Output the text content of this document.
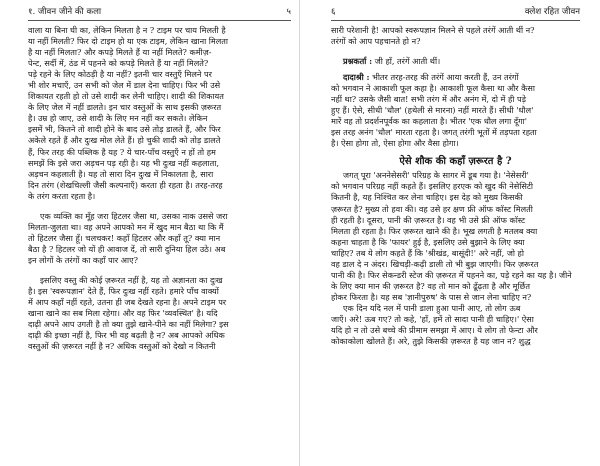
१. जीवन जीने की कला	५
वाला या बिना घी का, लेकिन मिलता है न ? टाइम पर चाय मिलती है
या नहीं मिलती? फिर दो टाइम हो या एक टाइम, लेकिन खाना मिलता
है या नहीं मिलता? और कपड़े मिलते हैं या नहीं मिलते? कमीज़-
पेन्ट, सर्दी में, ठंड में पहनने को कपड़े मिलते हैं या नहीं मिलते?
पड़े रहने के लिए कोठड़ी है या नहीं? इतनी चार वस्तुएँ मिलने पर
भी शोर मचाएँ, उन सभी को जेल में डाल देना चाहिए। फिर भी उसे
शिकायत रहती हो तो उसे शादी कर लेनी चाहिए। शादी की शिकायत
के लिए जेल में नहीं डालते। इन चार वस्तुओं के साथ इसकी ज़रूरत
है। उम्र हो जाए, उसे शादी के लिए मन नहीं कर सकते। लेकिन
इसमें भी, कितने तो शादी होने के बाद उसे तोड़ डालते हैं, और फिर
अकेले रहते हैं और दुःख मोल लेते हैं। हो चुकी शादी को तोड़ डालते
हैं, फिर तरह की पब्लिक है यह ? ये चार-पाँच वस्तुएँ न हों तो हम
समझें कि इसे जरा अड़चन पड़ रही है। यह भी दुःख नहीं कहलाता,
अड़चन कहलाती है। यह तो सारा दिन दुःख में निकालता है, सारा
दिन तरंग (शेखचिल्ली जैसी कल्पनाएँ) करता ही रहता है। तरह-तरह
के तरंग करता रहता है।
एक व्यक्ति का मूँह जरा हिटलर जैसा था, उसका नाक उससे जरा
मिलता-जुलता था। वह अपने आपको मन में खुद मान बैठा था कि मैं
तो हिटलर जैसा हूँ। चलचकर! कहाँ हिटलर और कहाँ तू? क्या मान
बैठा है ? हिटलर जो यों ही आवाज दें, तो सारी दुनिया हिल उठे। अब
इन लोगों के तरंगों का कहाँ पार आए?
इसलिए वस्तु की कोई ज़रूरत नहीं है, यह तो अज्ञानता का दुःख
है। इस 'स्वरूपज्ञान' देते हैं, फिर दुःख नहीं रहते। हमारे पाँच वाक्यों
में आप कहाँ नहीं रहते, उतना ही जब देखते रहना है। अपने टाइम पर
खाना खाने का सब मिला रहेगा। और वह फिर 'व्यवस्थित' है। यदि
दाढ़ी अपने आप उगती है तो क्या तुझे खाने-पीने का नहीं मिलेगा? इस
दाढ़ी की इच्छा नहीं है, फिर भी वह बढ़ती है न? अब आपको अधिक
वस्तुओं की ज़रूरत नहीं है न? अधिक वस्तुओं को देखो न कितनी
६	क्लेश रहित जीवन
सारी परेशानी है! आपको स्वरूपज्ञान मिलने से पहले तरंगें आती थीं न?
तरंगों को आप पहचानते हो न?
प्रश्नकर्ता : जी हाँ, तरंगें आती थीं।
दादाश्री : भीतर तरह-तरह की तरंगें आया करती हैं, उन तरंगों
को भगवान ने आकाशी फूल कहा है। आकाशी फूल कैसा था और कैसा
नहीं था? उसके जैसी बात! सभी तरंग में और अनंग में, दो में ही पड़े
हुए हैं। ऐसे, सीधी 'धौल' (हथेली से मारना) नहीं मारते हैं। सीधी 'धौल'
मारें वह तो प्रदर्शनपूर्वक का कहलाता है। भीतर 'एक धौल लगा दूँगा'
इस तरह अनंग 'धौल' मारता रहता है। जगत् तरंगी भूतों में तड़पता रहता
है। ऐसा होगा तो, ऐसा होगा और वैसा होगा।
ऐसे शौक की कहाँ ज़रूरत है ?
जगत् पूरा 'अननेसेसरी' परिग्रह के सागर में डूब गया है। 'नेसेसरी'
को भगवान परिग्रह नहीं कहते हैं। इसलिए हरएक को खुद की नेसेसिटी
कितनी है, यह निश्चित कर लेना चाहिए। इस देह को मुख्य किसकी
ज़रूरत है? मुख्य तो हवा की। वह उसे हर क्षण फ्री ऑफ कॉस्ट मिलती
ही रहती है। दूसरा, पानी की ज़रूरत है। वह भी उसे फ्री ऑफ कॉस्ट
मिलता ही रहता है। फिर ज़रूरत खाने की है। भूख लगती है मतलब क्या
कहना चाहता है कि 'फायर' हुई है, इसलिए उसे बुझाने के लिए क्या
चाहिए? तब ये लोग कहते हैं कि 'श्रीखंड, बासूंदी!' अरे नहीं, जो हो
वह डाल दे न अंदर। खिचड़ी-कढ़ी डाली तो भी बुझ जाएगी। फिर ज़रूरत
पानी की है। फिर सेकन्डरी स्टेज की ज़रूरत में पहनने का, पड़े रहने का यह है। जीने
के लिए क्या मान की ज़रूरत है? वह तो मान को ढूँढ़ता है और मूर्छित
होकर फिरता है। यह सब 'ज्ञानीपुरुष' के पास से जान लेना चाहिए न?
एक दिन यदि नल में पानी डाला हुआ पानी आए, तो लोग ऊब
जाएँ। अरे! ऊब गए? तो कहे, 'हाँ, हमें तो सादा पानी ही चाहिए।' ऐसा
यदि हो न तो उसे बच्चे की प्रीमाम समझा में आए। ये लोग तो फेन्टा और
कोकाकोला खोलते हैं। अरे, तुझे किसकी ज़रूरत है यह जान न? शुद्ध
